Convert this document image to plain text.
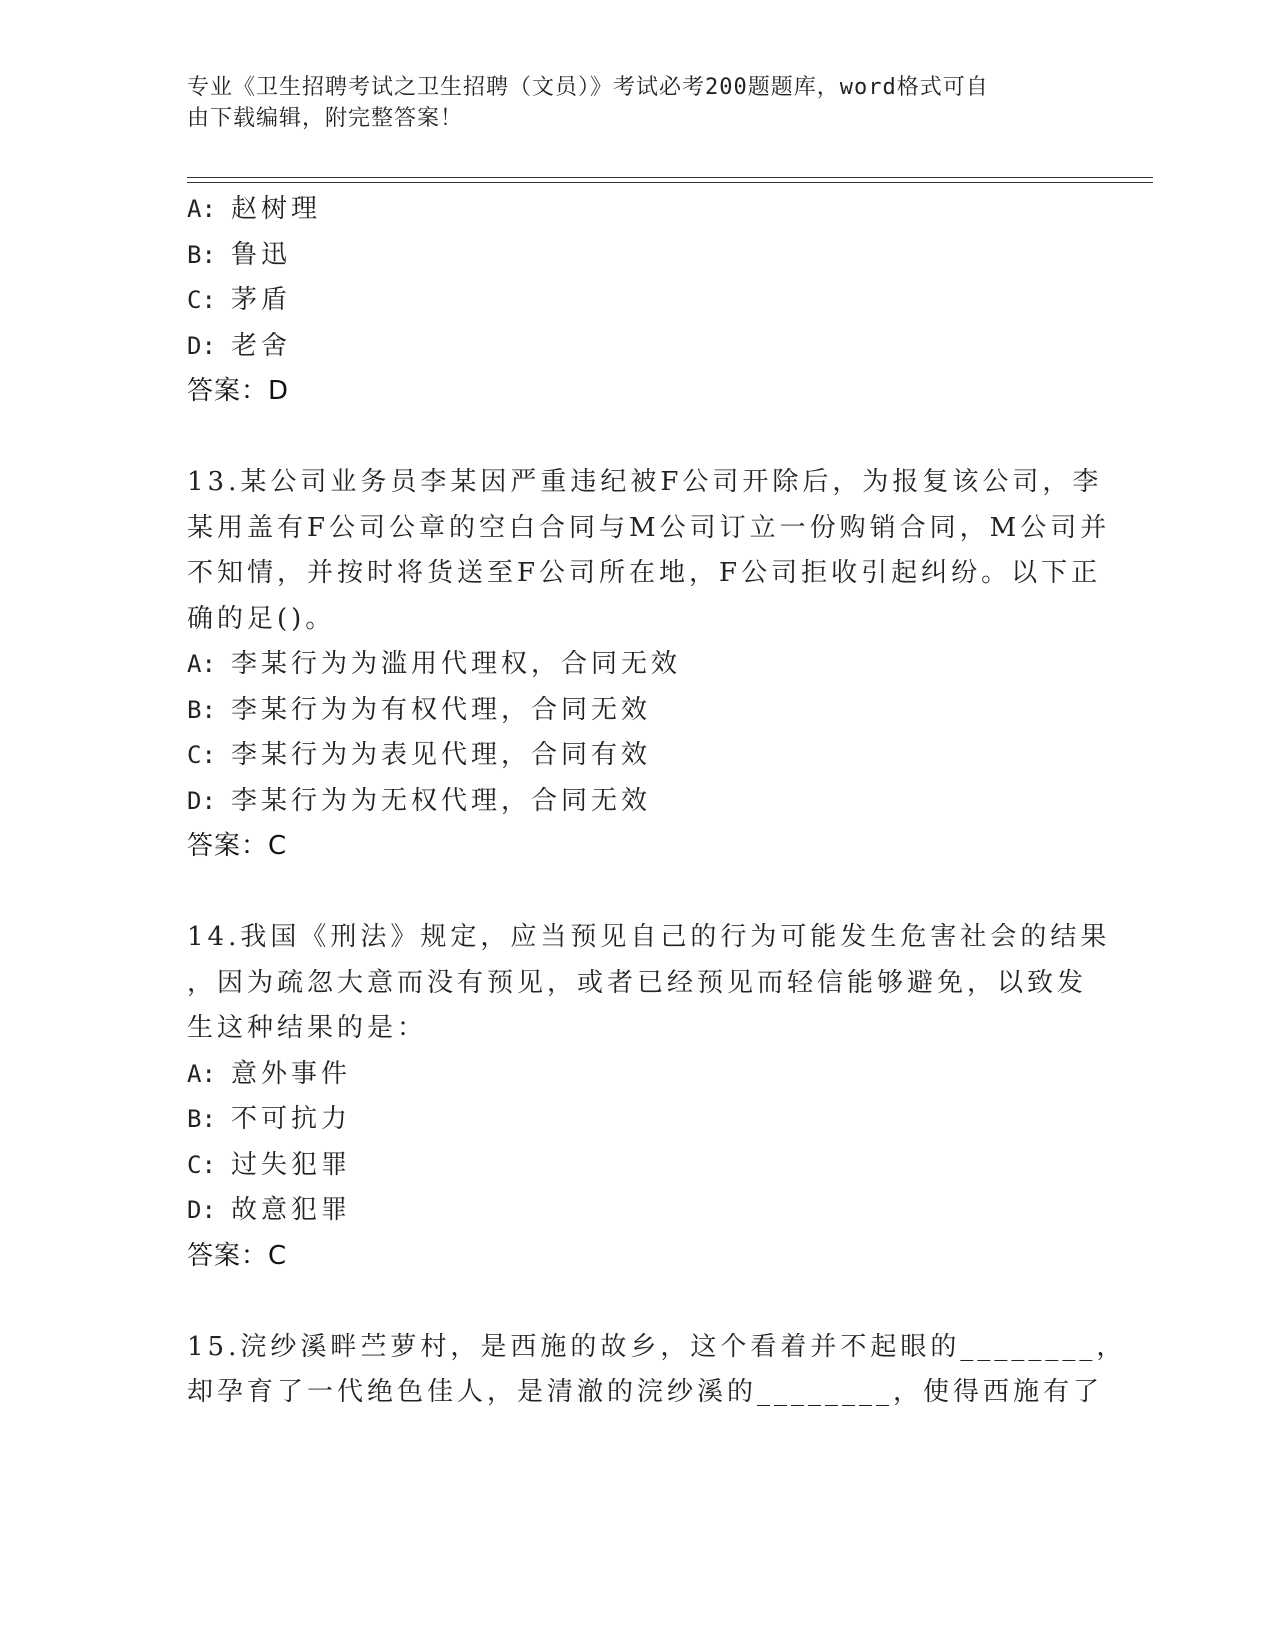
专业《卫生招聘考试之卫生招聘（文员）》考试必考200题题库，word格式可自
由下载编辑，附完整答案！
A: 赵树理
B: 鲁迅
C: 茅盾
D: 老舍
答案：D
13.某公司业务员李某因严重违纪被F公司开除后，为报复该公司，李
某用盖有F公司公章的空白合同与M公司订立一份购销合同，M公司并
不知情，并按时将货送至F公司所在地，F公司拒收引起纠纷。以下正
确的足()。
A: 李某行为为滥用代理权，合同无效
B: 李某行为为有权代理，合同无效
C: 李某行为为表见代理，合同有效
D: 李某行为为无权代理，合同无效
答案：C
14.我国《刑法》规定，应当预见自己的行为可能发生危害社会的结果
，因为疏忽大意而没有预见，或者已经预见而轻信能够避免，以致发
生这种结果的是：
A: 意外事件
B: 不可抗力
C: 过失犯罪
D: 故意犯罪
答案：C
15.浣纱溪畔苎萝村，是西施的故乡，这个看着并不起眼的________，
却孕育了一代绝色佳人，是清澈的浣纱溪的________，使得西施有了
